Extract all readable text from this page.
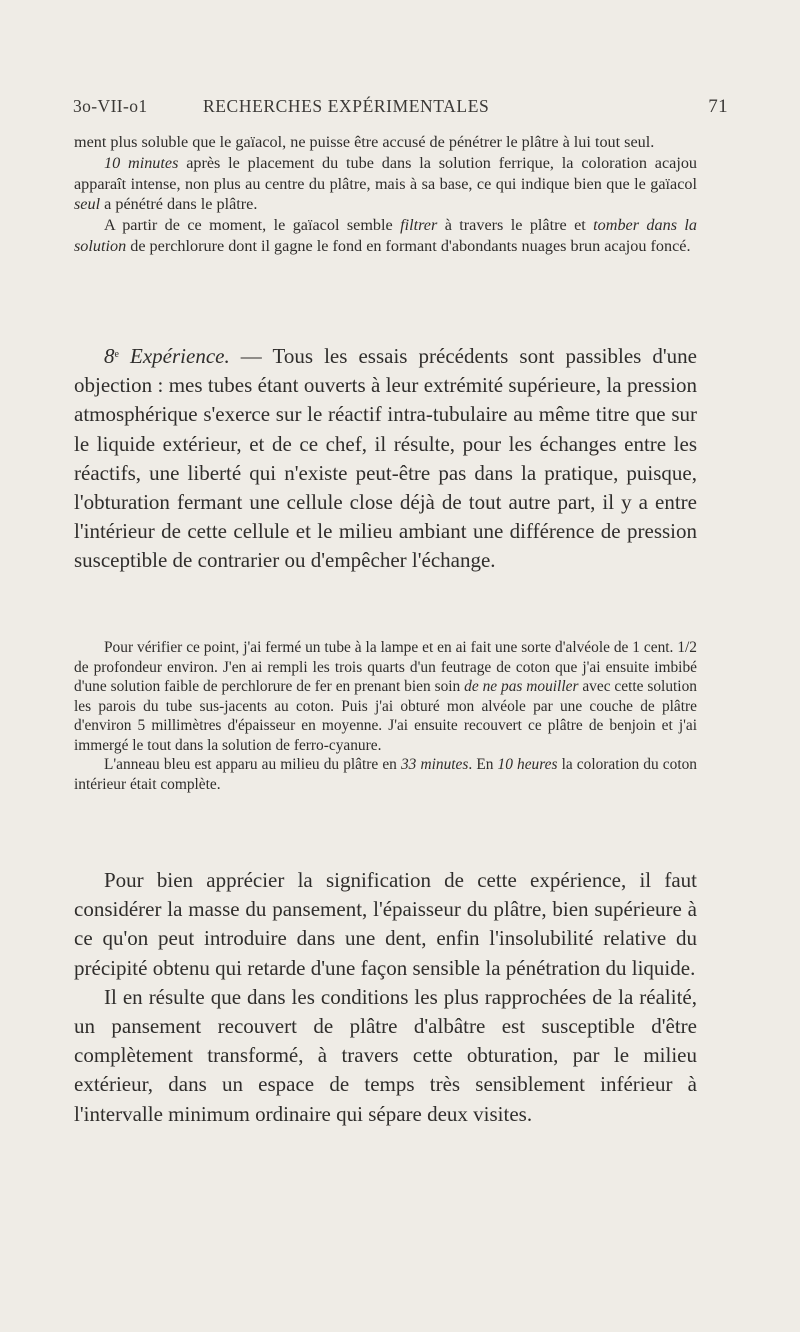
3o-VII-o1	RECHERCHES EXPÉRIMENTALES	71

ment plus soluble que le gaïacol, ne puisse être accusé de pénétrer le plâtre à lui tout seul.

10 minutes après le placement du tube dans la solution ferrique, la coloration acajou apparaît intense, non plus au centre du plâtre, mais à sa base, ce qui indique bien que le gaïacol seul a pénétré dans le plâtre.

A partir de ce moment, le gaïacol semble filtrer à travers le plâtre et tomber dans la solution de perchlorure dont il gagne le fond en formant d'abondants nuages brun acajou foncé.

8e Expérience. — Tous les essais précédents sont passibles d'une objection : mes tubes étant ouverts à leur extrémité supérieure, la pression atmosphérique s'exerce sur le réactif intra-tubulaire au même titre que sur le liquide extérieur, et de ce chef, il résulte, pour les échanges entre les réactifs, une liberté qui n'existe peut-être pas dans la pratique, puisque, l'obturation fermant une cellule close déjà de tout autre part, il y a entre l'intérieur de cette cellule et le milieu ambiant une différence de pression susceptible de contrarier ou d'empêcher l'échange.

Pour vérifier ce point, j'ai fermé un tube à la lampe et en ai fait une sorte d'alvéole de 1 cent. 1/2 de profondeur environ. J'en ai rempli les trois quarts d'un feutrage de coton que j'ai ensuite imbibé d'une solution faible de perchlorure de fer en prenant bien soin de ne pas mouiller avec cette solution les parois du tube sus-jacents au coton. Puis j'ai obturé mon alvéole par une couche de plâtre d'environ 5 millimètres d'épaisseur en moyenne. J'ai ensuite recouvert ce plâtre de benjoin et j'ai immergé le tout dans la solution de ferro-cyanure.

L'anneau bleu est apparu au milieu du plâtre en 33 minutes. En 10 heures la coloration du coton intérieur était complète.

Pour bien apprécier la signification de cette expérience, il faut considérer la masse du pansement, l'épaisseur du plâtre, bien supérieure à ce qu'on peut introduire dans une dent, enfin l'insolubilité relative du précipité obtenu qui retarde d'une façon sensible la pénétration du liquide.

Il en résulte que dans les conditions les plus rapprochées de la réalité, un pansement recouvert de plâtre d'albâtre est susceptible d'être complètement transformé, à travers cette obturation, par le milieu extérieur, dans un espace de temps très sensiblement inférieur à l'intervalle minimum ordinaire qui sépare deux visites.
